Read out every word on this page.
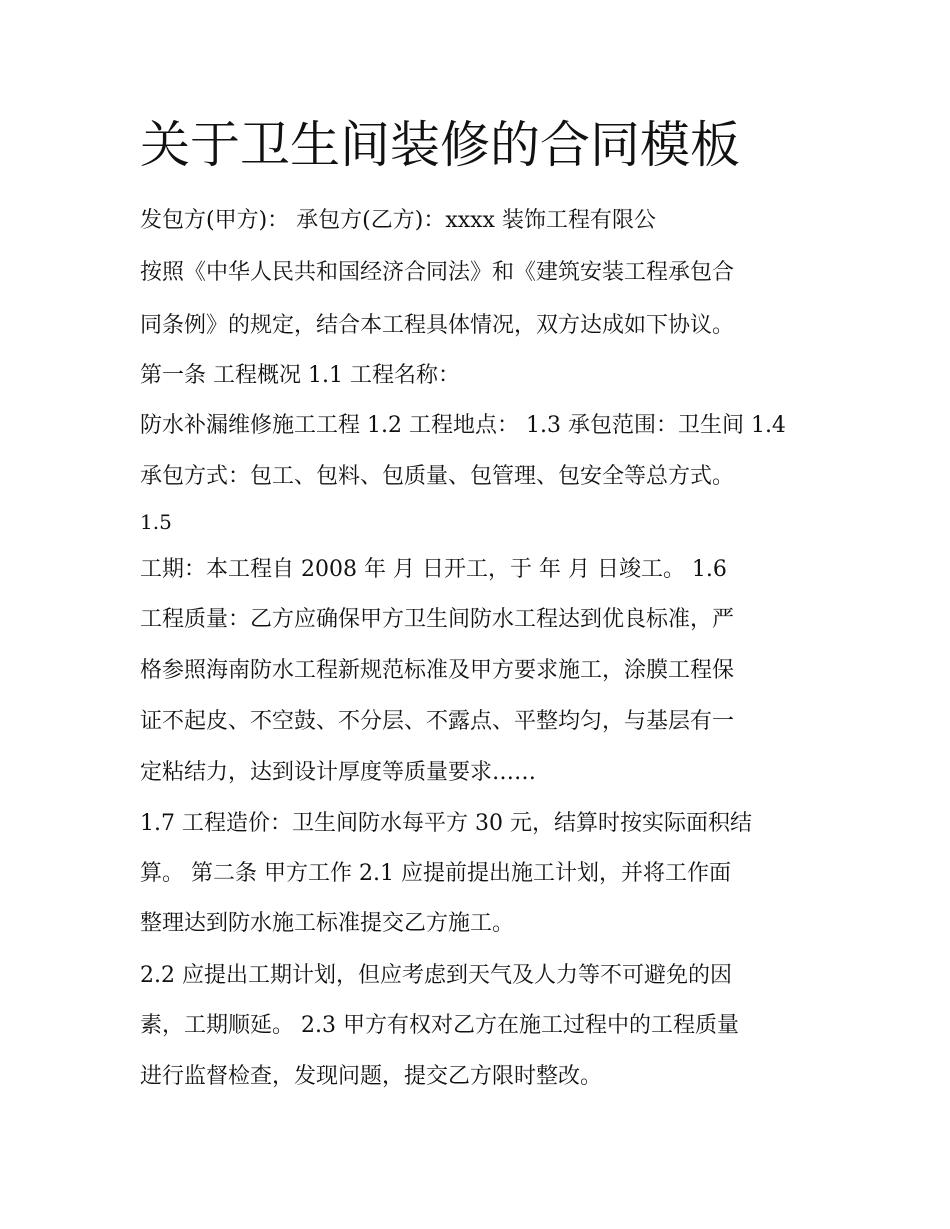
关于卫生间装修的合同模板

发包方(甲方)： 承包方(乙方)：xxxx 装饰工程有限公

按照《中华人民共和国经济合同法》和《建筑安装工程承包合

同条例》的规定，结合本工程具体情况，双方达成如下协议。

第一条 工程概况 1.1 工程名称：

防水补漏维修施工工程 1.2 工程地点： 1.3 承包范围：卫生间 1.4

承包方式：包工、包料、包质量、包管理、包安全等总方式。

1.5

工期：本工程自 2008 年 月 日开工，于 年 月 日竣工。 1.6

工程质量：乙方应确保甲方卫生间防水工程达到优良标准，严

格参照海南防水工程新规范标准及甲方要求施工，涂膜工程保

证不起皮、不空鼓、不分层、不露点、平整均匀，与基层有一

定粘结力，达到设计厚度等质量要求……

1.7 工程造价：卫生间防水每平方 30 元，结算时按实际面积结

算。 第二条 甲方工作 2.1 应提前提出施工计划，并将工作面

整理达到防水施工标准提交乙方施工。

2.2 应提出工期计划，但应考虑到天气及人力等不可避免的因

素，工期顺延。 2.3 甲方有权对乙方在施工过程中的工程质量

进行监督检查，发现问题，提交乙方限时整改。
